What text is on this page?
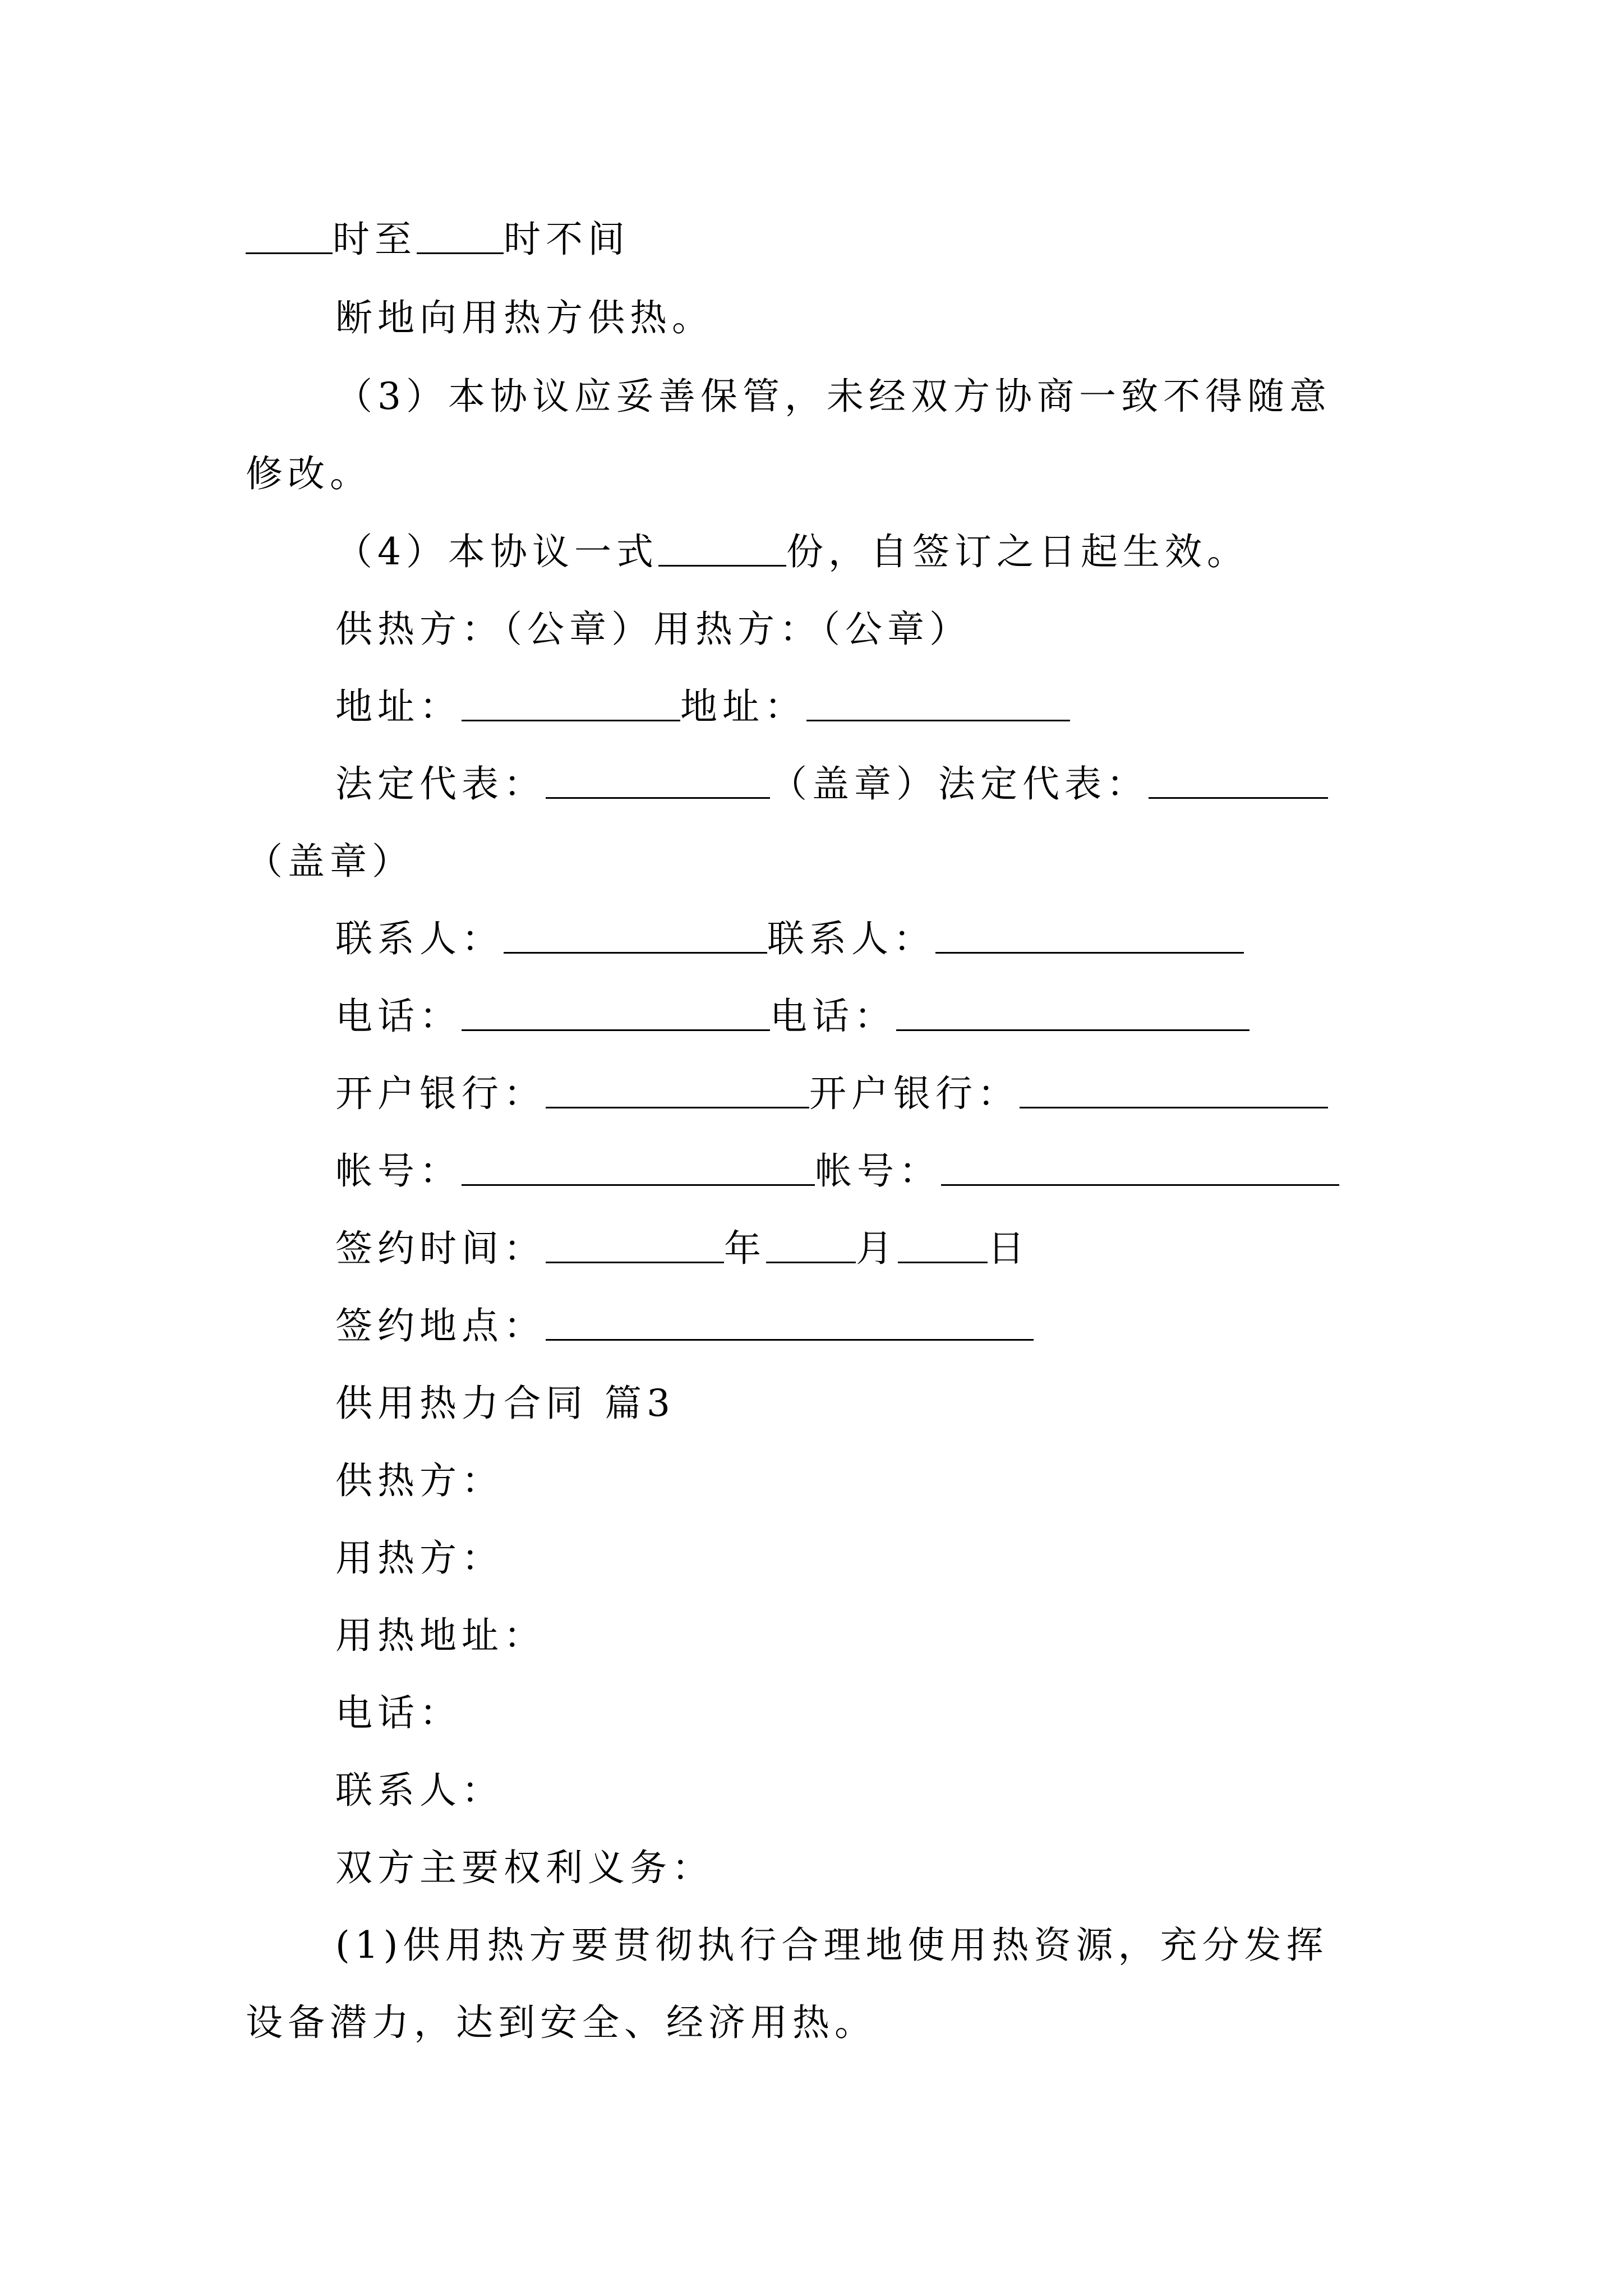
时至 时不间
断地向用热方供热。
（3）本协议应妥善保管，未经双方协商一致不得随意
修改。
（4）本协议一式	份，自签订之日起生效。
供热方：（公章）用热方：（公章）
地址：	地址：
法定代表：	（盖章）法定代表：
（盖章）
联系人：	联系人：
电话：	电话：
开户银行：	开户银行：
帐号：	帐号：
签约时间：	年 月 日
签约地点：
供用热力合同 篇3
供热方：
用热方：
用热地址：
电话：
联系人：
双方主要权利义务：
(1)供用热方要贯彻执行合理地使用热资源，充分发挥
设备潜力，达到安全、经济用热。
